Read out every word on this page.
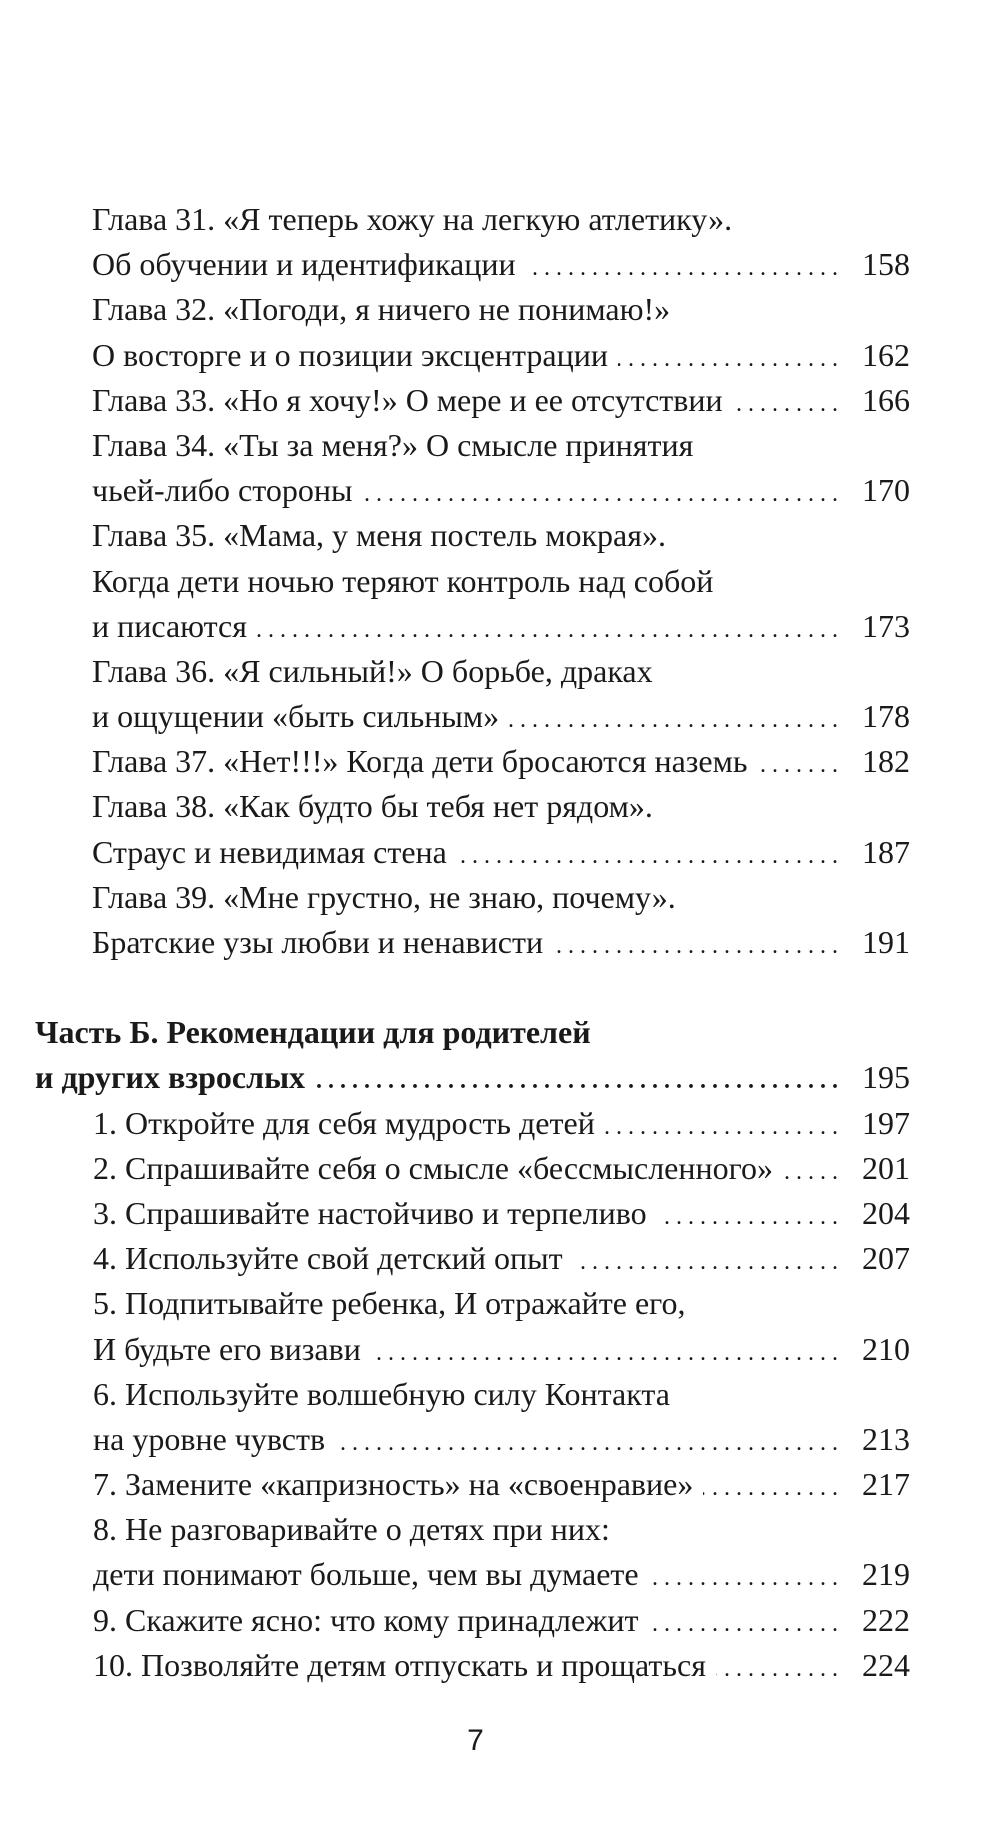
Глава 31. «Я теперь хожу на легкую атлетику».
Об обучении и идентификации . . .	158
Глава 32. «Погоди, я ничего не понимаю!»
О восторге и о позиции эксцентрации . . .	162
Глава 33. «Но я хочу!» О мере и ее отсутствии . . .	166
Глава 34. «Ты за меня?» О смысле принятия
чьей-либо стороны . . .	170
Глава 35. «Мама, у меня постель мокрая».
Когда дети ночью теряют контроль над собой
и писаются . . .	173
Глава 36. «Я сильный!» О борьбе, драках
и ощущении «быть сильным» . . .	178
Глава 37. «Нет!!!» Когда дети бросаются наземь . . .	182
Глава 38. «Как будто бы тебя нет рядом».
Страус и невидимая стена . . .	187
Глава 39. «Мне грустно, не знаю, почему».
Братские узы любви и ненависти . . .	191
Часть Б. Рекомендации для родителей
и других взрослых . . .	195
1. Откройте для себя мудрость детей . . .	197
2. Спрашивайте себя о смысле «бессмысленного» . . .	201
3. Спрашивайте настойчиво и терпеливо . . .	204
4. Используйте свой детский опыт . . .	207
5. Подпитывайте ребенка, И отражайте его,
И будьте его визави . . .	210
6. Используйте волшебную силу Контакта
на уровне чувств . . .	213
7. Замените «капризность» на «своенравие» . . .	217
8. Не разговаривайте о детях при них:
дети понимают больше, чем вы думаете . . .	219
9. Скажите ясно: что кому принадлежит . . .	222
10. Позволяйте детям отпускать и прощаться . . .	224
7
